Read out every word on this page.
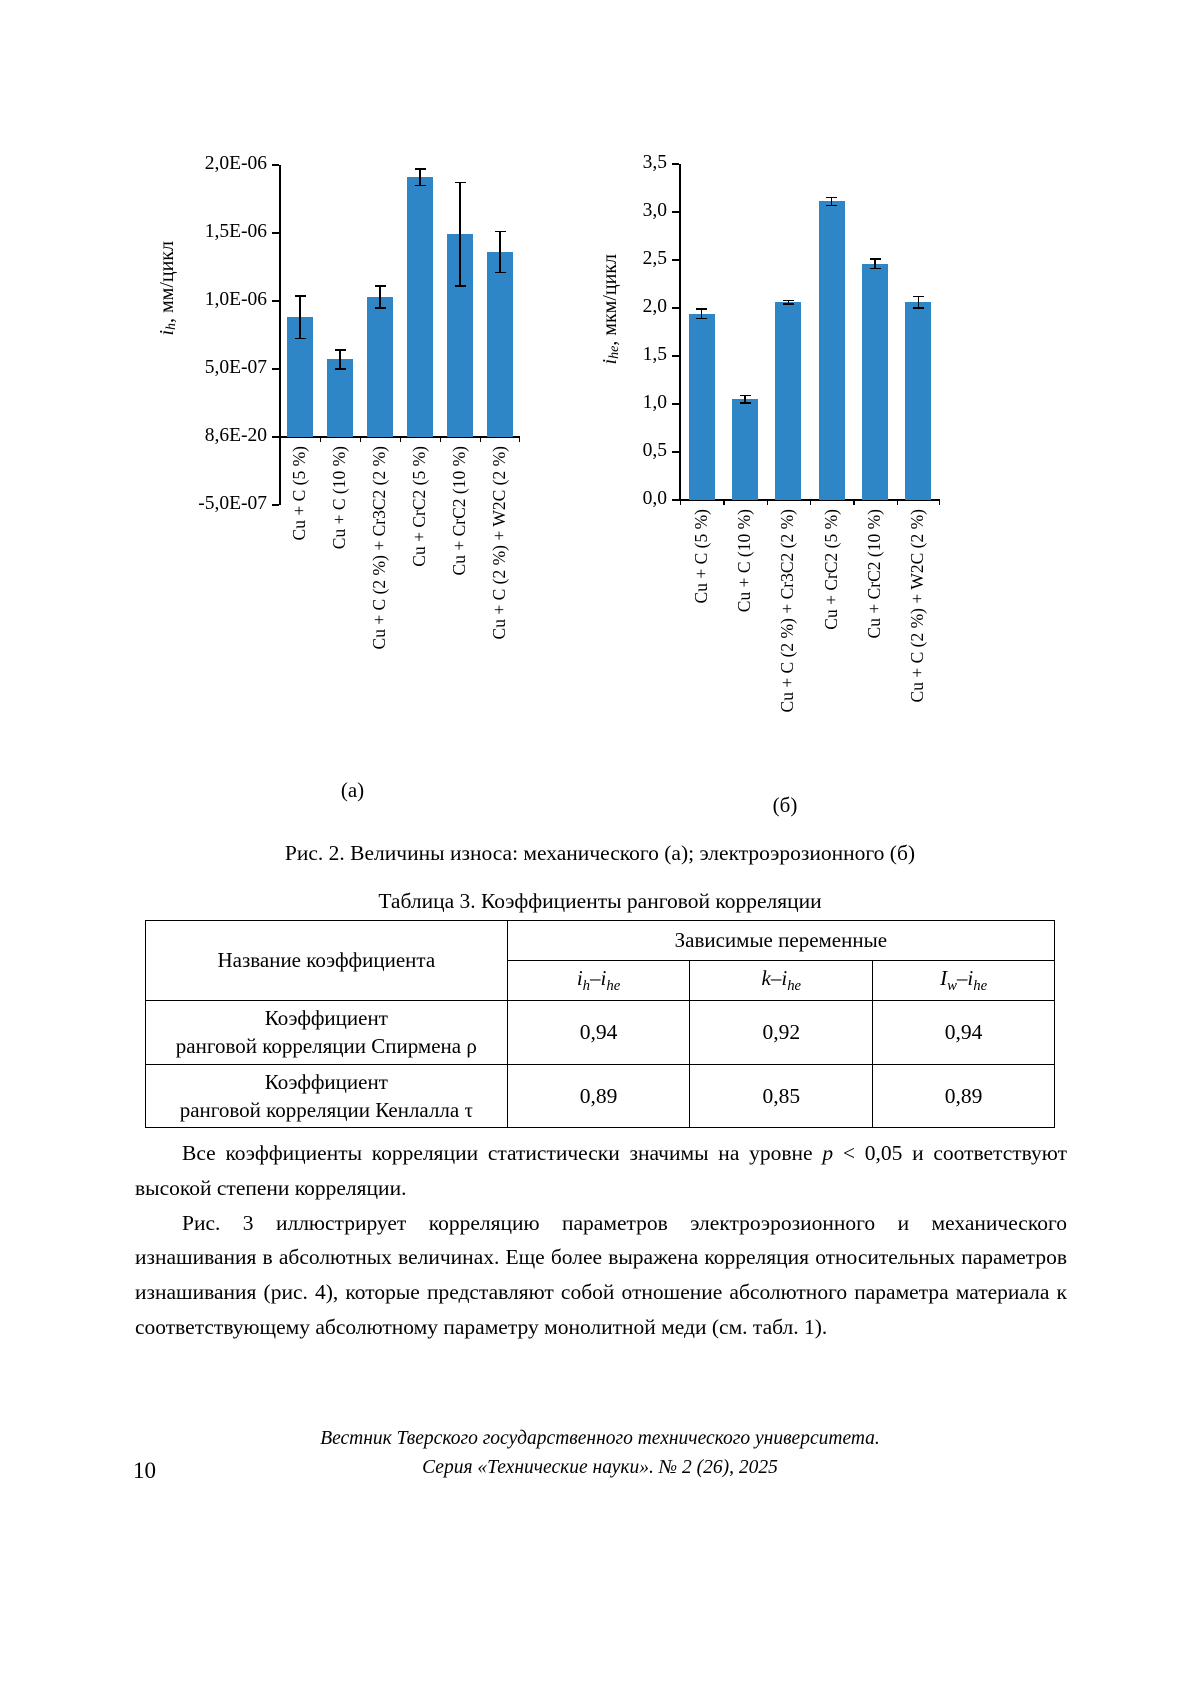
$i_h$, мм/цикл
2,0E-06
1,5E-06
1,0E-06
5,0E-07
8,6E-20
-5,0E-07 Cu + C (5 %) Cu + C (10 %) Cu + C (2 %) + Cr3C2 (2 %) Cu + CrC2 (5 %) Cu + CrC2 (10 %) Cu + C (2 %) + W2C (2 %)
(а)
$i_{he}$, мкм/цикл
3,5
3,0
2,5
2,0
1,5
1,0
0,5
0,0
Cu + C (5 %) Cu + C (10 %) Cu + C (2 %) + Cr3C2 (2 %) Cu + CrC2 (5 %) Cu + CrC2 (10 %) Cu + C (2 %) + W2C (2 %)
(б)
Рис. 2. Величины износа: механического (а); электроэрозионного (б)
Таблица 3. Коэффициенты ранговой корреляции
Название коэффициента	Зависимые переменные		
	$i_h-i_{he}$	$k-i_{he}$	$I_w-i_{he}$
Коэффициент
ранговой корреляции Спирмена ρ	0,94	0,92	0,94
Коэффициент
ранговой корреляции Кенлалла τ	0,89	0,85	0,89

Все коэффициенты корреляции статистически значимы на уровне p < 0,05 и соответствуют высокой степени корреляции.

Рис. 3 иллюстрирует корреляцию параметров электроэрозионного и механического изнашивания в абсолютных величинах. Еще более выражена корреляция относительных параметров изнашивания (рис. 4), которые представляют собой отношение абсолютного параметра материала к соответствующему абсолютному параметру монолитной меди (см. табл. 1).

Вестник Тверского государственного технического университета.
Серия «Технические науки». № 2 (26), 2025
10
